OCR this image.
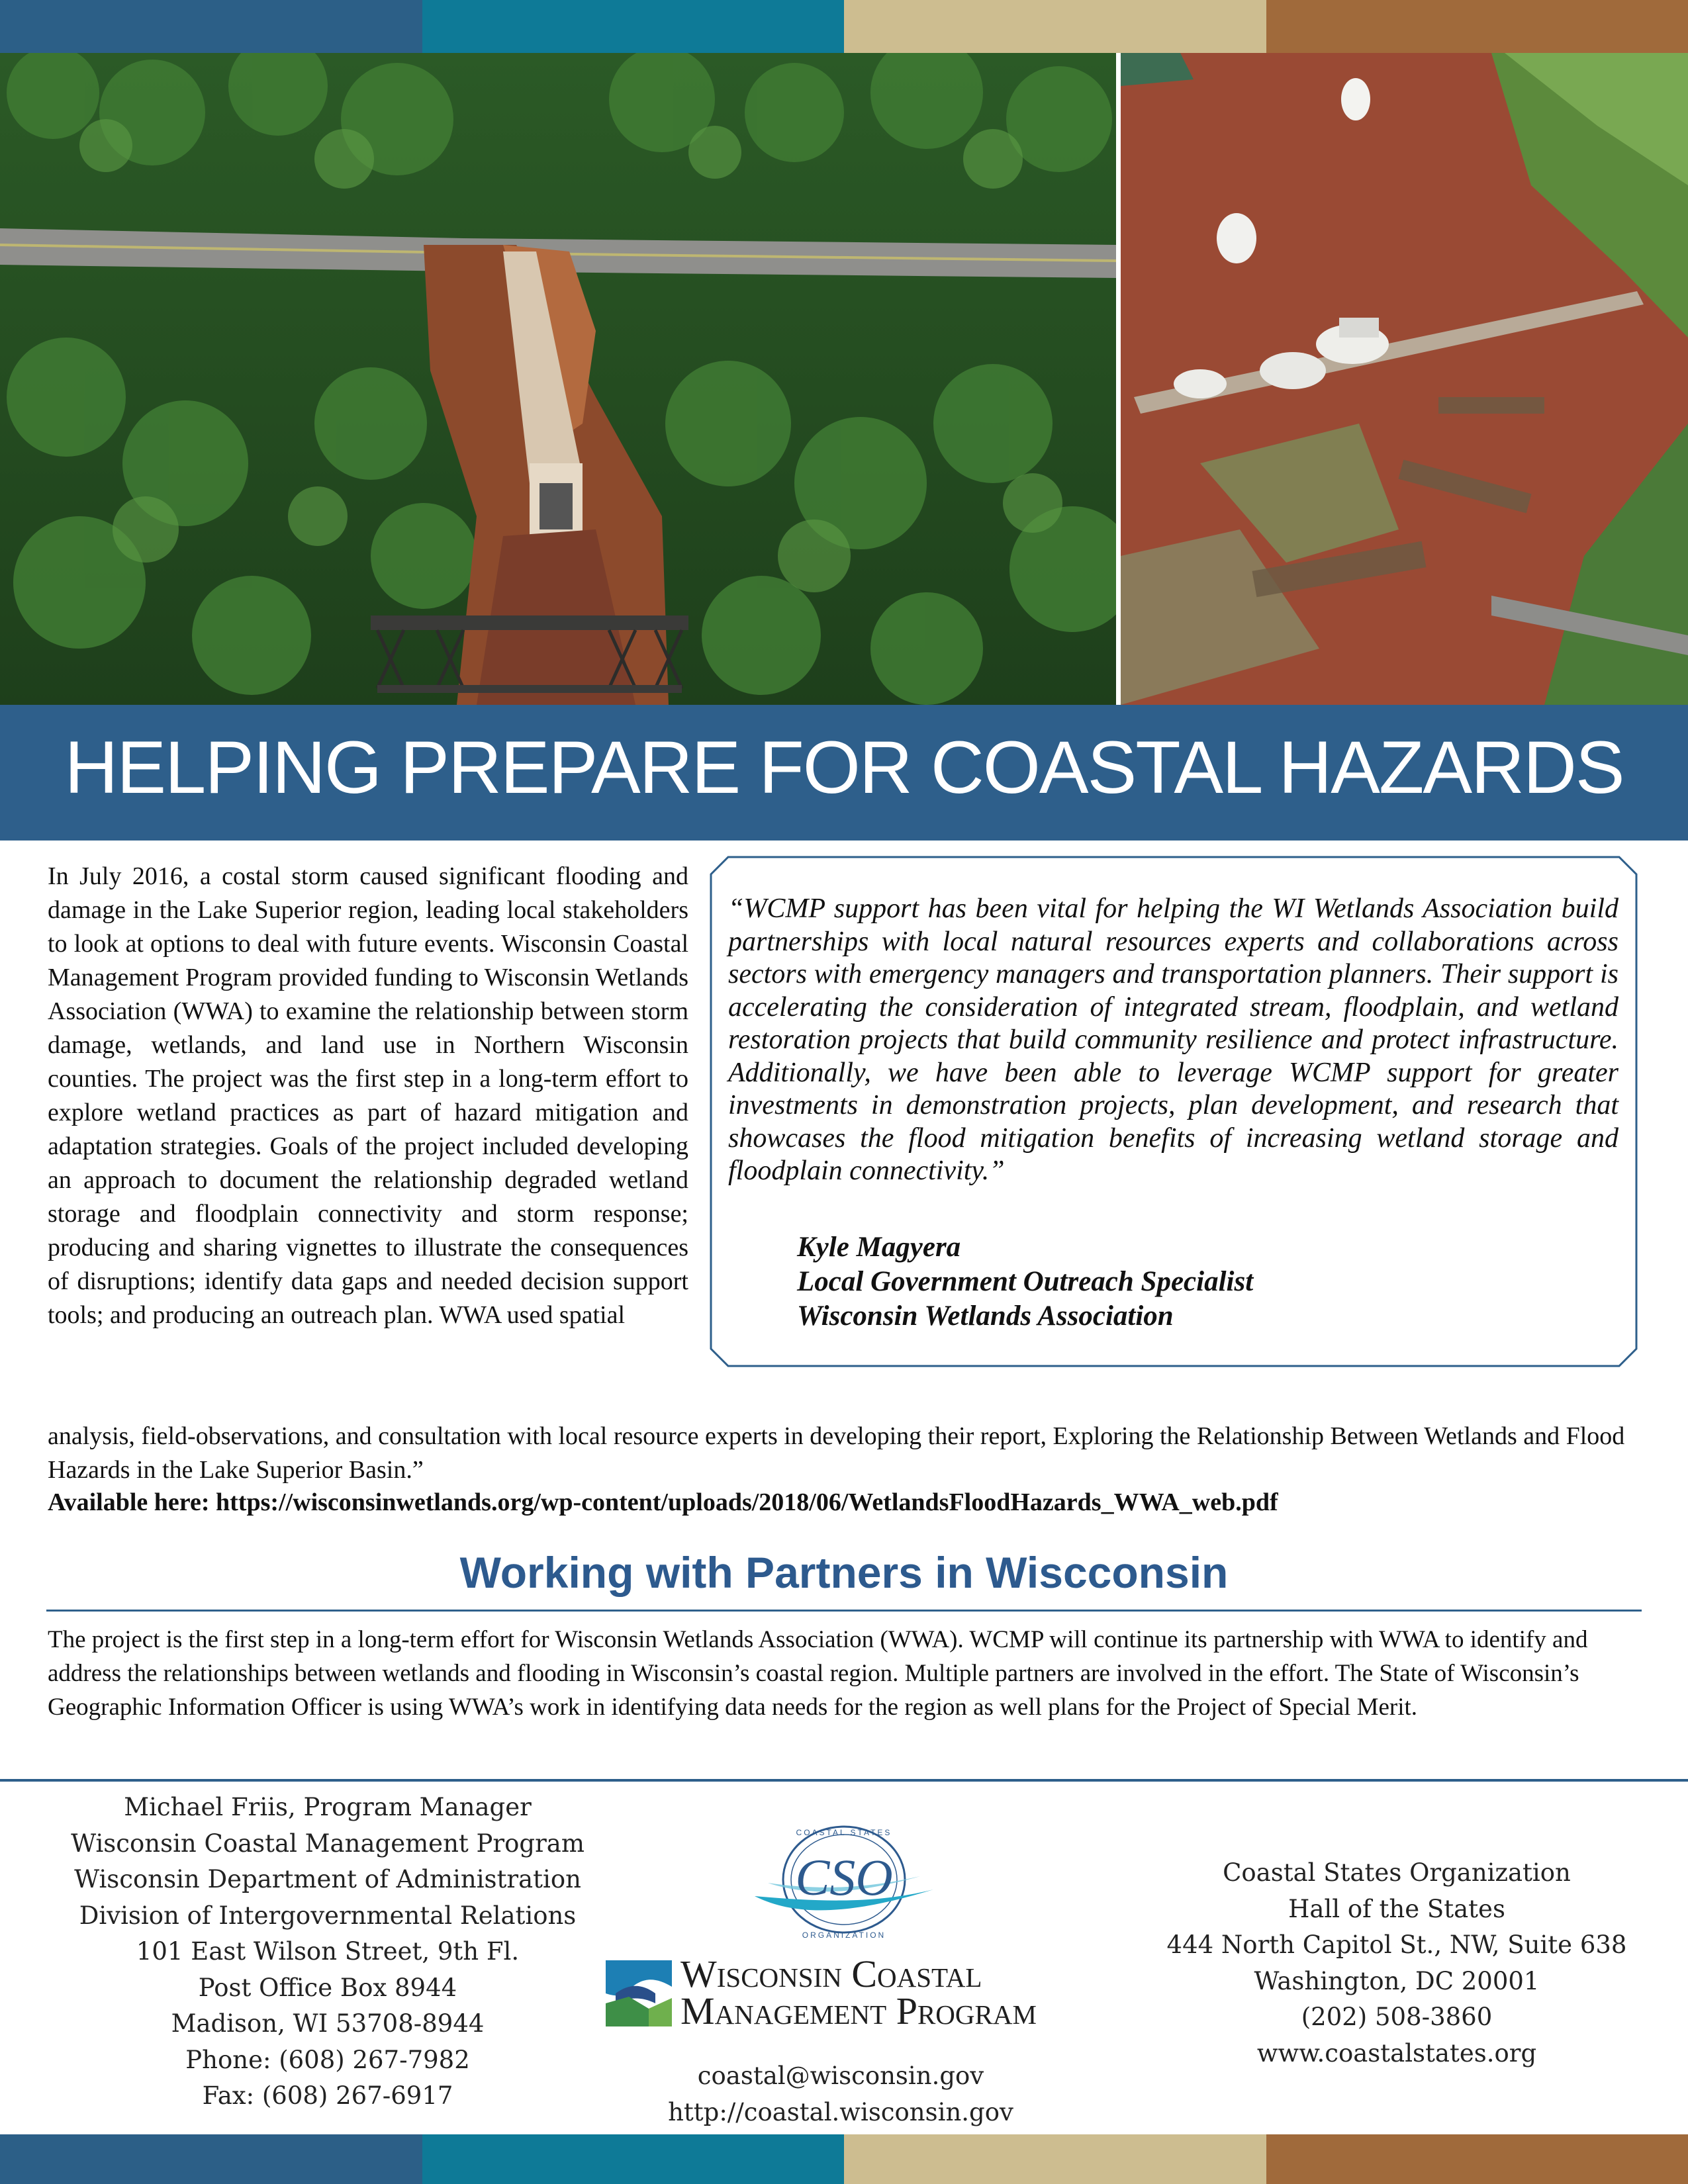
HELPING PREPARE FOR COASTAL HAZARDS

In July 2016, a costal storm caused significant flooding and damage in the Lake Superior region, leading local stakeholders to look at options to deal with future events. Wisconsin Coastal Management Program provided funding to Wisconsin Wetlands Association (WWA) to examine the relationship between storm damage, wetlands, and land use in Northern Wisconsin counties. The project was the first step in a long-term effort to explore wetland practices as part of hazard mitigation and adaptation strategies. Goals of the project included developing an approach to document the relationship degraded wetland storage and floodplain connectivity and storm response; producing and sharing vignettes to illustrate the consequences of disruptions; identify data gaps and needed decision support tools; and producing an outreach plan. WWA used spatial

“WCMP support has been vital for helping the WI Wetlands Association build partnerships with local natural resources experts and collaborations across sectors with emergency managers and transportation planners. Their support is accelerating the consideration of integrated stream, floodplain, and wetland restoration projects that build community resilience and protect infrastructure. Additionally, we have been able to leverage WCMP support for greater investments in demonstration projects, plan development, and research that showcases the flood mitigation benefits of increasing wetland storage and floodplain connectivity.”

Kyle Magyera

Local Government Outreach Specialist

Wisconsin Wetlands Association

analysis, field-observations, and consultation with local resource experts in developing their report, Exploring the Relationship Between Wetlands and Flood Hazards in the Lake Superior Basin.”

Available here: https://wisconsinwetlands.org/wp-content/uploads/2018/06/WetlandsFloodHazards_WWA_web.pdf

Working with Partners in Wiscconsin

The project is the first step in a long-term effort for Wisconsin Wetlands Association (WWA). WCMP will continue its partnership with WWA to identify and address the relationships between wetlands and flooding in Wisconsin’s coastal region. Multiple partners are involved in the effort. The State of Wisconsin’s Geographic Information Officer is using WWA’s work in identifying data needs for the region as well plans for the Project of Special Merit.

Michael Friis, Program Manager
Wisconsin Coastal Management Program
Wisconsin Department of Administration
Division of Intergovernmental Relations
101 East Wilson Street, 9th Fl.
Post Office Box 8944
Madison, WI 53708-8944
Phone: (608) 267-7982
Fax: (608) 267-6917
CSO
COASTAL STATES
ORGANIZATION
Wisconsin Coastal
Management Program
coastal@wisconsin.gov
http://coastal.wisconsin.gov
Coastal States Organization
Hall of the States
444 North Capitol St., NW, Suite 638
Washington, DC 20001
(202) 508-3860
www.coastalstates.org
